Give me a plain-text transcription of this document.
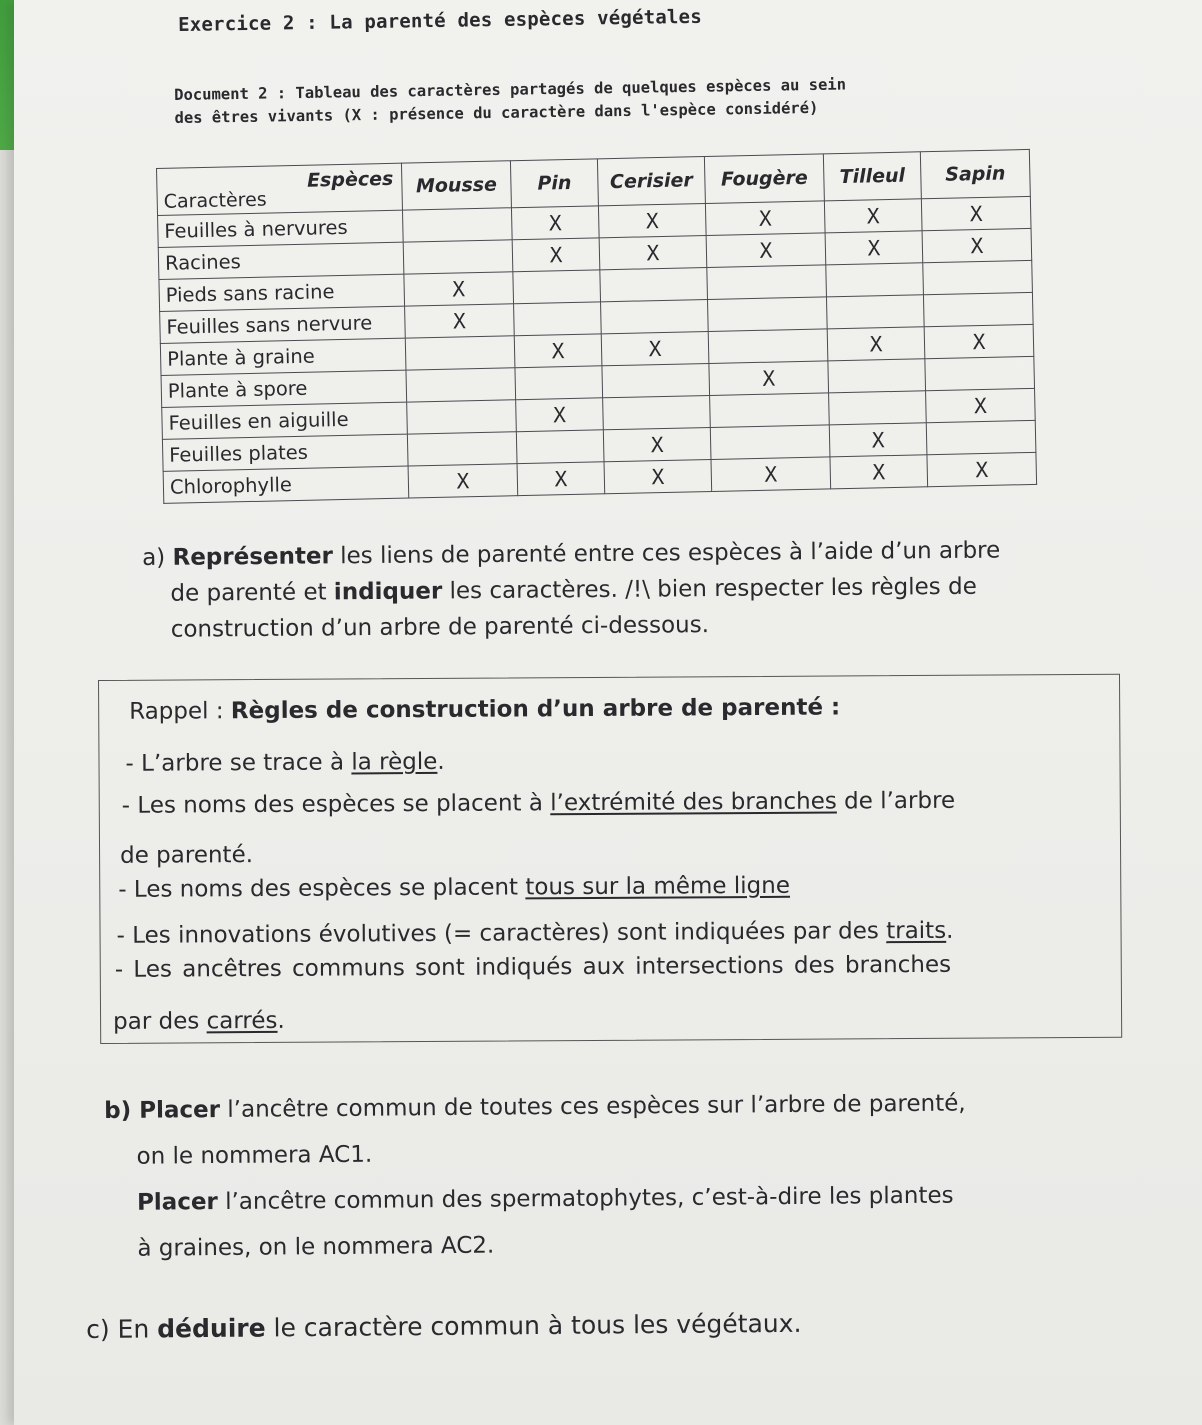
Exercice 2 : La parenté des espèces végétales
Document 2 : Tableau des caractères partagés de quelques espèces au sein
des êtres vivants (X : présence du caractère dans l'espèce considéré)
Espèces
Caractères	Mousse	Pin	Cerisier	Fougère	Tilleul	Sapin
Feuilles à nervures		X	X	X	X	X
Racines		X	X	X	X	X
Pieds sans racine	X					
Feuilles sans nervure	X					
Plante à graine		X	X		X	X
Plante à spore				X		
Feuilles en aiguille		X				X
Feuilles plates			X		X	
Chlorophylle	X	X	X	X	X	X
a) Représenter les liens de parenté entre ces espèces à l’aide d’un arbre
de parenté et indiquer les caractères. /!\ bien respecter les règles de
construction d’un arbre de parenté ci-dessous.
Rappel : Règles de construction d’un arbre de parenté :
- L’arbre se trace à la règle.
- Les noms des espèces se placent à l’extrémité des branches de l’arbre
de parenté.
- Les noms des espèces se placent tous sur la même ligne
- Les innovations évolutives (= caractères) sont indiquées par des traits.
- Les ancêtres communs sont indiqués aux intersections des branches
par des carrés.
b) Placer l’ancêtre commun de toutes ces espèces sur l’arbre de parenté,
on le nommera AC1.
Placer l’ancêtre commun des spermatophytes, c’est-à-dire les plantes
à graines, on le nommera AC2.
c) En déduire le caractère commun à tous les végétaux.
